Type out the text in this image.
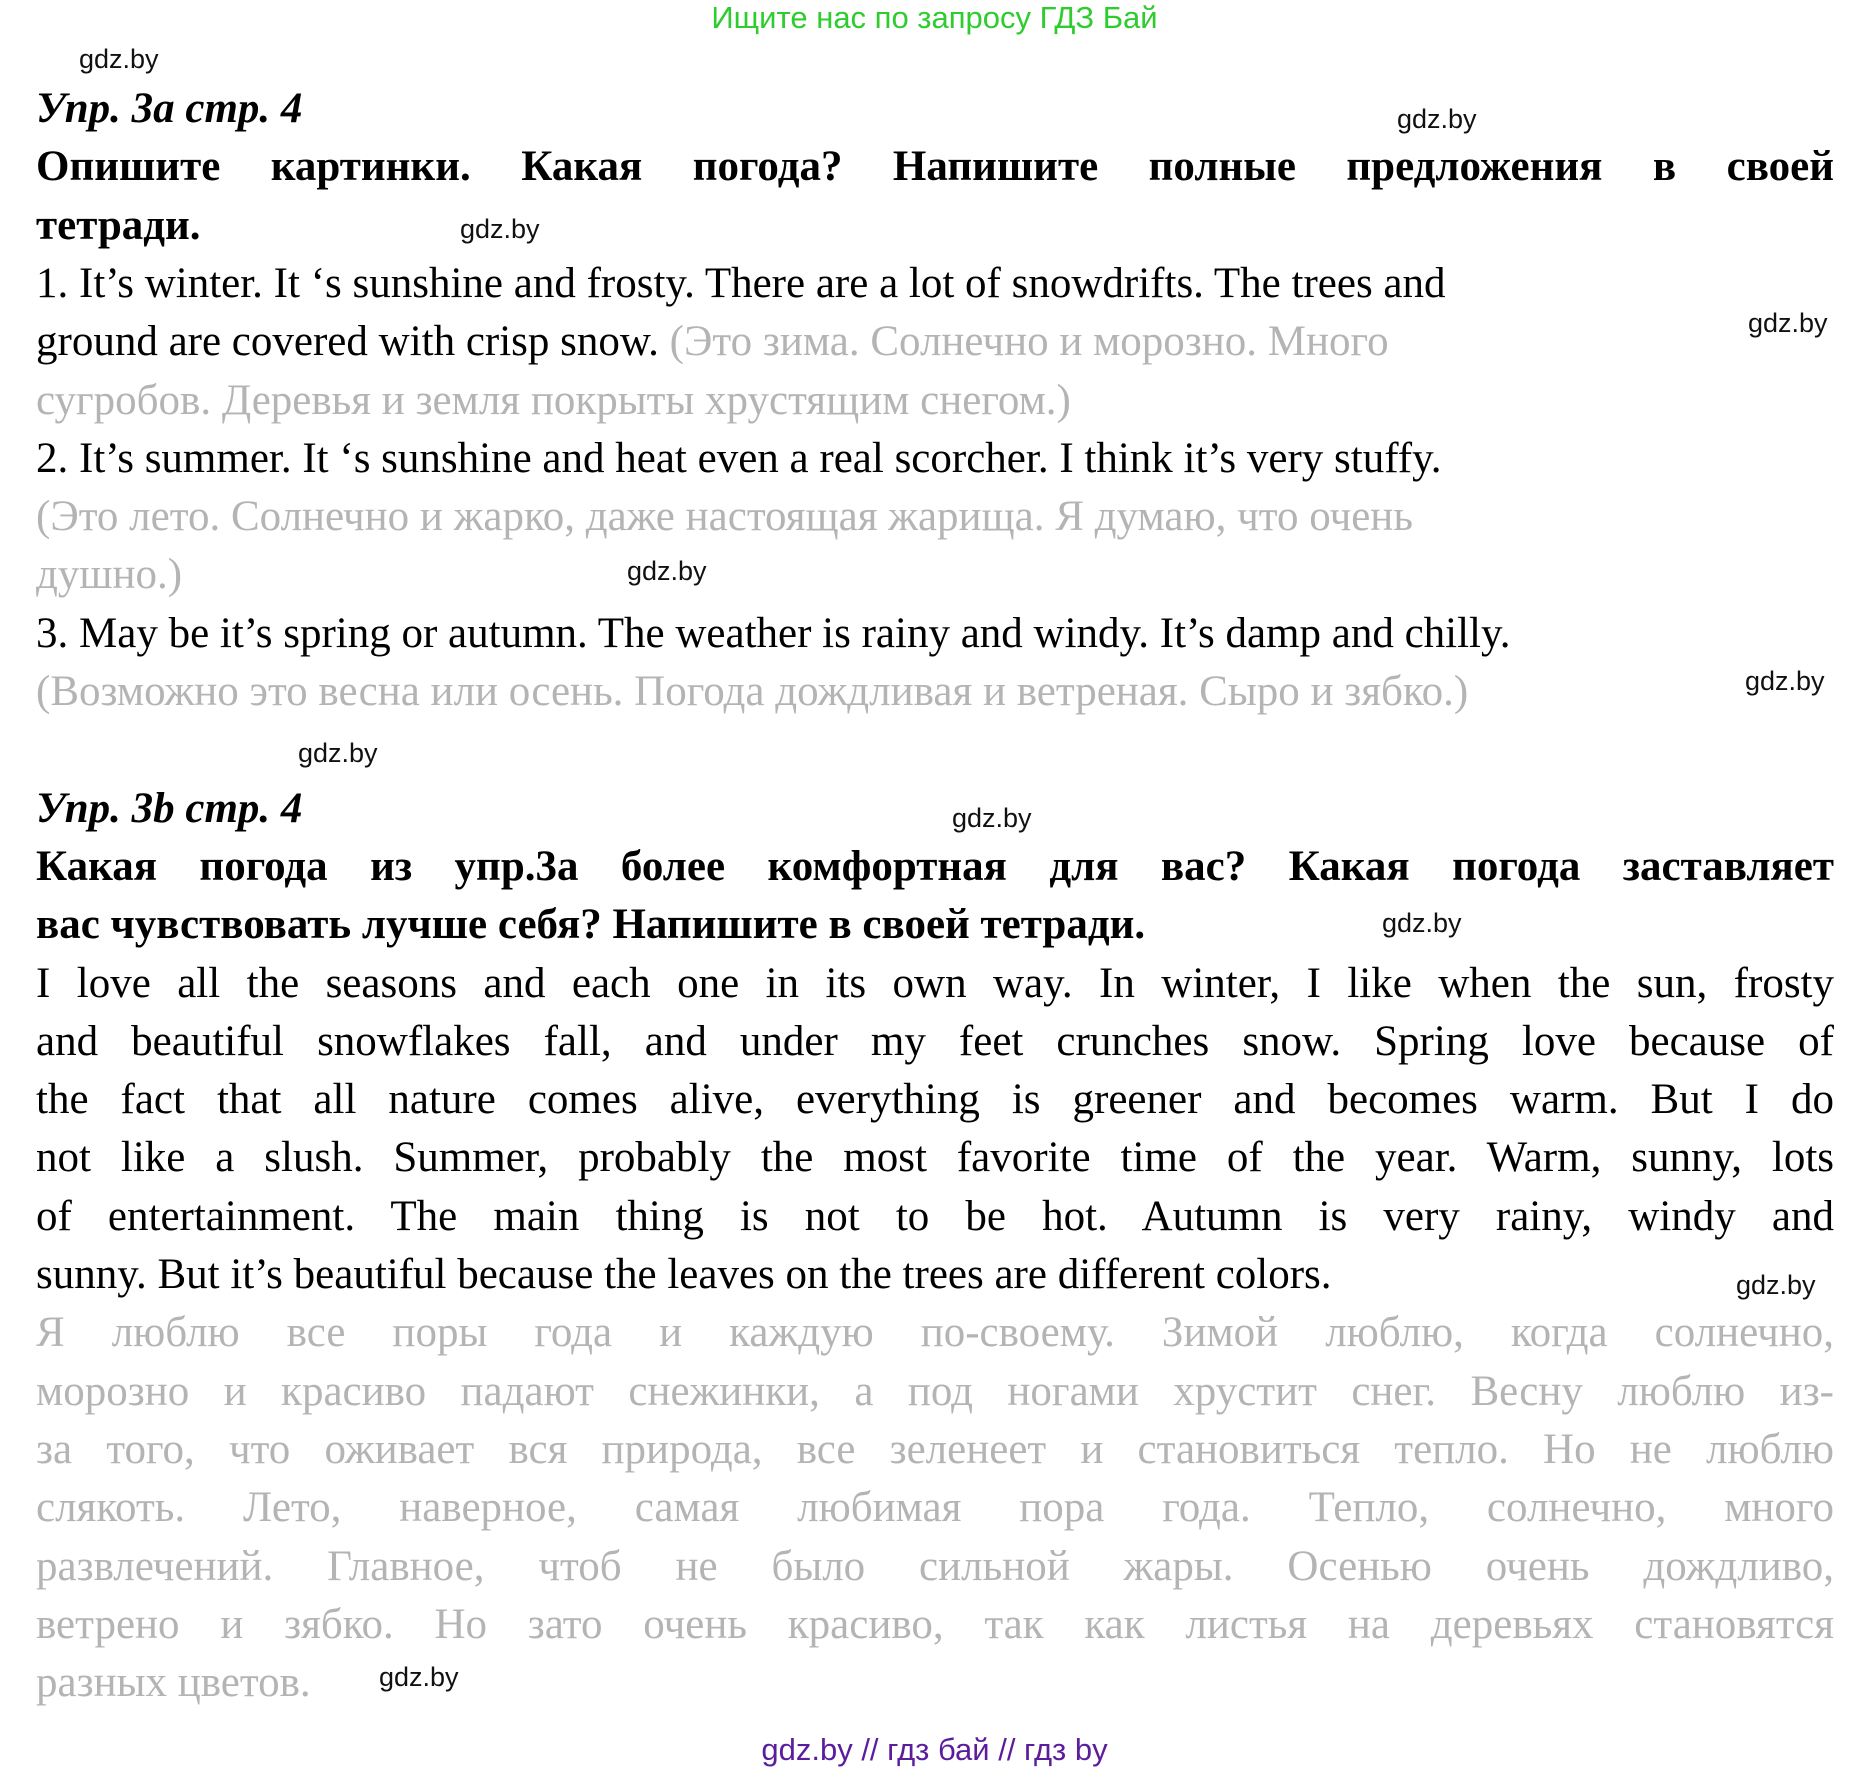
Ищите нас по запросу ГДЗ Бай
Упр. 3a стр. 4
Опишите картинки. Какая погода? Напишите полные предложения в своей
тетради.
1. It’s winter. It ‘s sunshine and frosty. There are a lot of snowdrifts. The trees and
ground are covered with crisp snow. (Это зима. Солнечно и морозно. Много
сугробов. Деревья и земля покрыты хрустящим снегом.)
2. It’s summer. It ‘s sunshine and heat even a real scorcher. I think it’s very stuffy.
(Это лето. Солнечно и жарко, даже настоящая жарища. Я думаю, что очень
душно.)
3. May be it’s spring or autumn. The weather is rainy and windy. It’s damp and chilly.
(Возможно это весна или осень. Погода дождливая и ветреная. Сыро и зябко.)
Упр. 3b стр. 4
Какая погода из упр.3a более комфортная для вас? Какая погода заставляет
вас чувствовать лучше себя? Напишите в своей тетради.
I love all the seasons and each one in its own way. In winter, I like when the sun, frosty
and beautiful snowflakes fall, and under my feet crunches snow. Spring love because of
the fact that all nature comes alive, everything is greener and becomes warm. But I do
not like a slush. Summer, probably the most favorite time of the year. Warm, sunny, lots
of entertainment. The main thing is not to be hot. Autumn is very rainy, windy and
sunny. But it’s beautiful because the leaves on the trees are different colors.
Я люблю все поры года и каждую по-своему. Зимой люблю, когда солнечно,
морозно и красиво падают снежинки, а под ногами хрустит снег. Весну люблю из-
за того, что оживает вся природа, все зеленеет и становиться тепло. Но не люблю
слякоть. Лето, наверное, самая любимая пора года. Тепло, солнечно, много
развлечений. Главное, чтоб не было сильной жары. Осенью очень дождливо,
ветрено и зябко. Но зато очень красиво, так как листья на деревьях становятся
разных цветов.
gdz.by // гдз бай // гдз by
gdz.by
gdz.by
gdz.by
gdz.by
gdz.by
gdz.by
gdz.by
gdz.by
gdz.by
gdz.by
gdz.by
